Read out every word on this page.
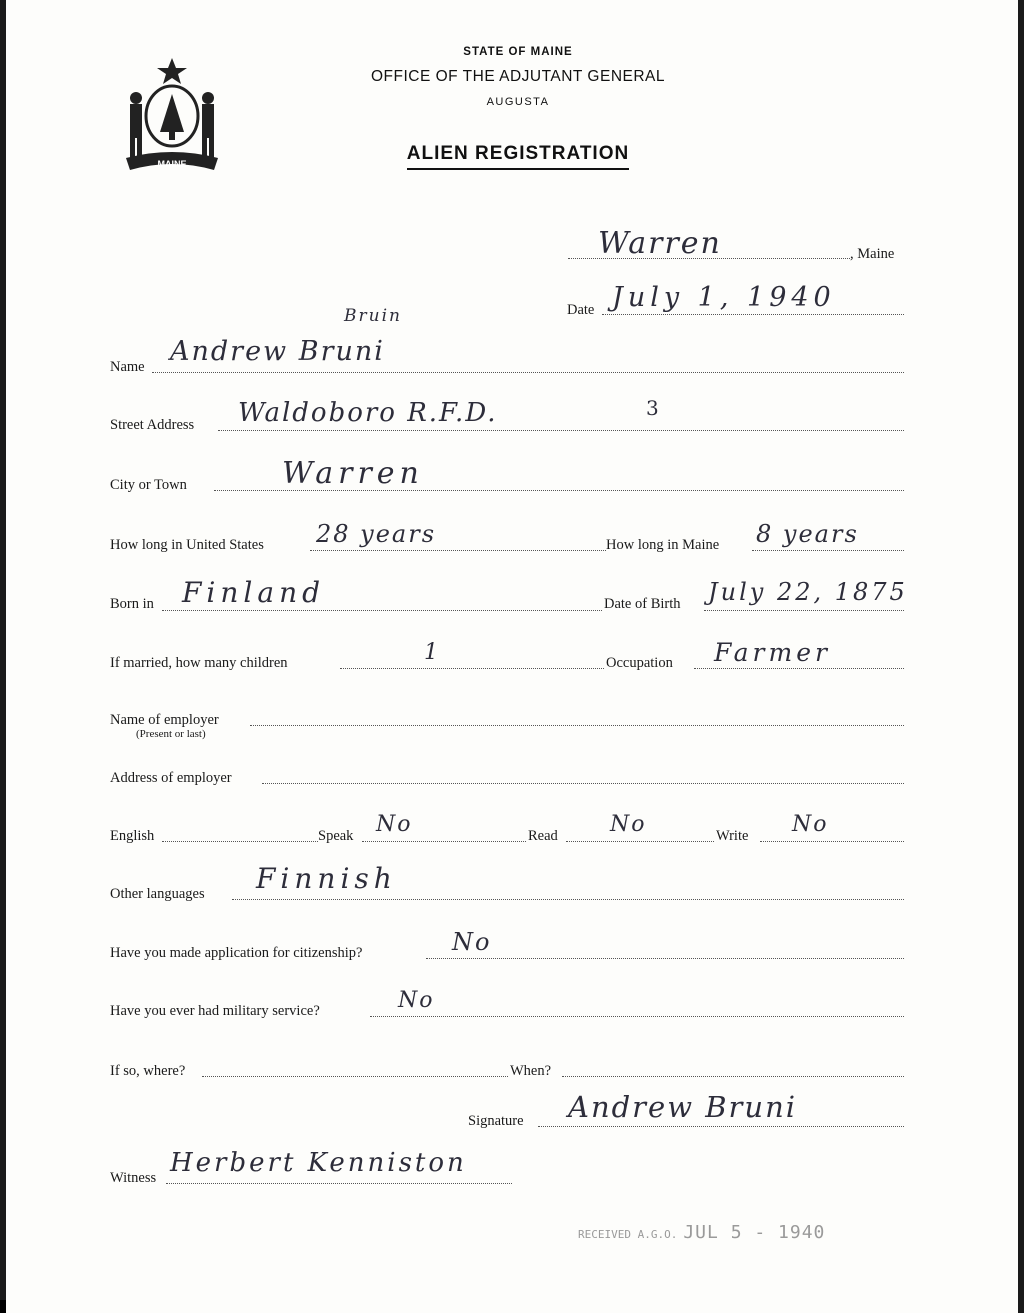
MAINE
STATE OF MAINE
OFFICE OF THE ADJUTANT GENERAL
AUGUSTA
ALIEN REGISTRATION
Warren	, Maine
Date July 1, 1940
Bruin
Name Andrew Bruni
Street Address Waldoboro R.F.D.	3
City or Town	Warren
How long in United States 28 years	How long in Maine 8 years
Born in Finland	Date of Birth July 22, 1875
If married, how many children	1	Occupation Farmer
Name of employer
(Present or last)
Address of employer
English	Speak No	Read No	Write No
Other languages Finnish
Have you made application for citizenship?	No
Have you ever had military service?	No
If so, where?	When?
Signature Andrew Bruni
Witness Herbert Kenniston
RECEIVED A.G.O. JUL 5 - 1940
